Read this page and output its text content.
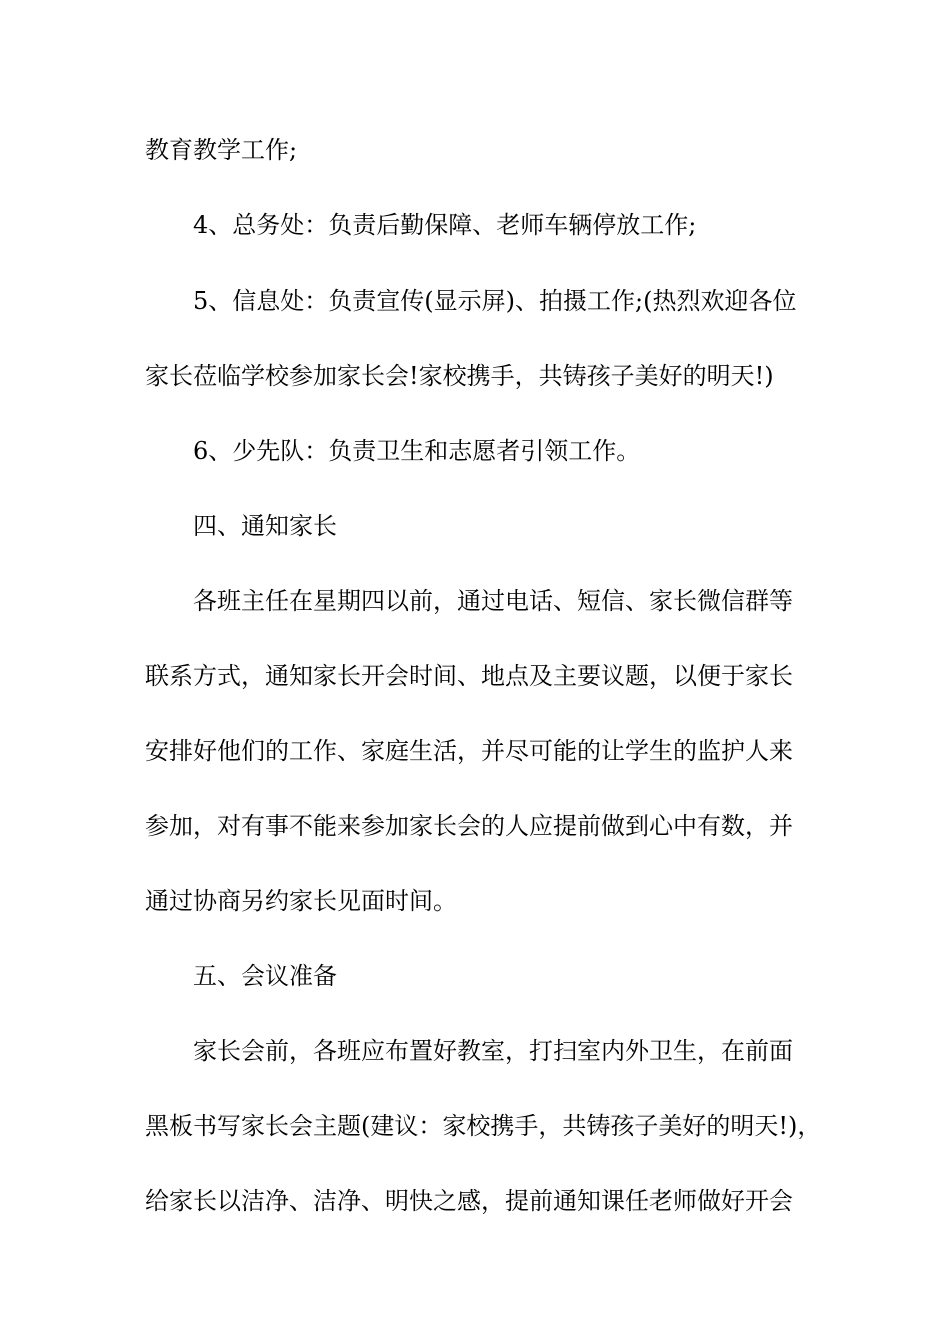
教育教学工作;

4、总务处：负责后勤保障、老师车辆停放工作;

5、信息处：负责宣传(显示屏)、拍摄工作;(热烈欢迎各位

家长莅临学校参加家长会!家校携手，共铸孩子美好的明天!)

6、少先队：负责卫生和志愿者引领工作。

四、通知家长

各班主任在星期四以前，通过电话、短信、家长微信群等

联系方式，通知家长开会时间、地点及主要议题，以便于家长

安排好他们的工作、家庭生活，并尽可能的让学生的监护人来

参加，对有事不能来参加家长会的人应提前做到心中有数，并

通过协商另约家长见面时间。

五、会议准备

家长会前，各班应布置好教室，打扫室内外卫生，在前面

黑板书写家长会主题(建议：家校携手，共铸孩子美好的明天!)，

给家长以洁净、洁净、明快之感，提前通知课任老师做好开会
